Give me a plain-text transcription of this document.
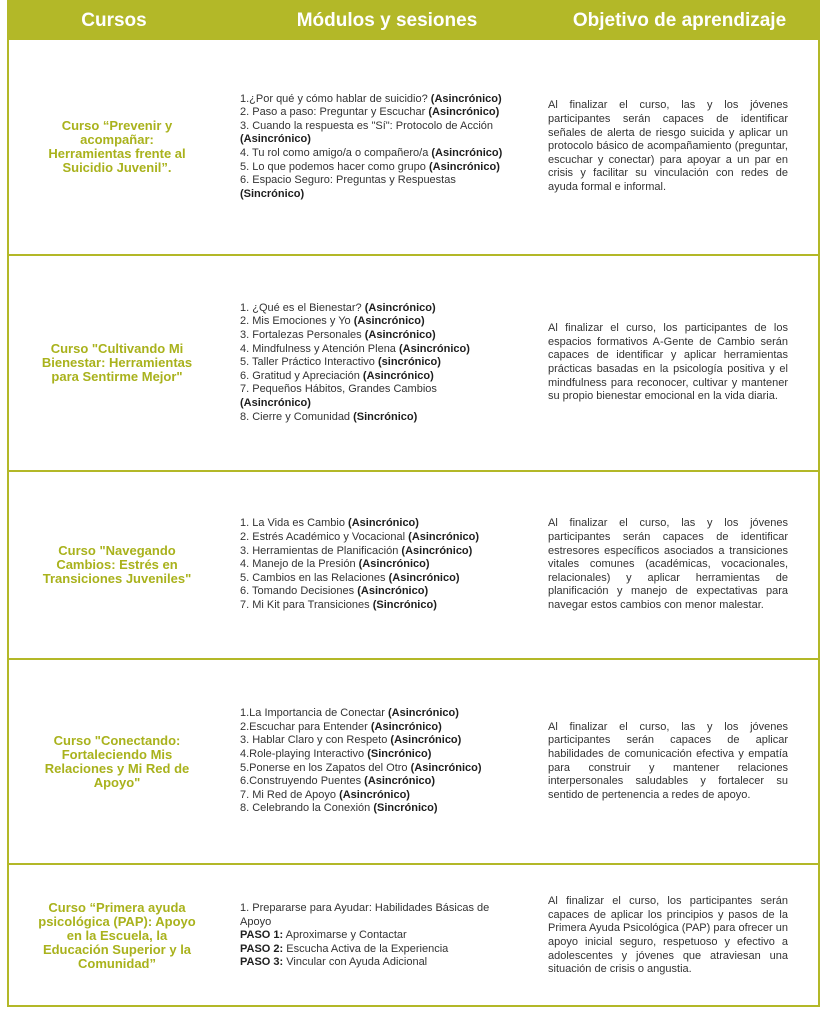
Cursos	Módulos y sesiones	Objetivo de aprendizaje
Curso “Prevenir y acompañar: Herramientas frente al Suicidio Juvenil”.
1.¿Por qué y cómo hablar de suicidio? (Asincrónico)
2. Paso a paso: Preguntar y Escuchar (Asincrónico)
3. Cuando la respuesta es "Sí": Protocolo de Acción (Asincrónico)
4. Tu rol como amigo/a o compañero/a (Asincrónico)
5. Lo que podemos hacer como grupo (Asincrónico)
6. Espacio Seguro: Preguntas y Respuestas (Sincrónico)

Al finalizar el curso, las y los jóvenes participantes serán capaces de identificar señales de alerta de riesgo suicida y aplicar un protocolo básico de acompañamiento (preguntar, escuchar y conectar) para apoyar a un par en crisis y facilitar su vinculación con redes de ayuda formal e informal.

Curso "Cultivando Mi Bienestar: Herramientas para Sentirme Mejor"
1. ¿Qué es el Bienestar? (Asincrónico)
2. Mis Emociones y Yo (Asincrónico)
3. Fortalezas Personales (Asincrónico)
4. Mindfulness y Atención Plena (Asincrónico)
5. Taller Práctico Interactivo (sincrónico)
6. Gratitud y Apreciación (Asincrónico)
7. Pequeños Hábitos, Grandes Cambios (Asincrónico)
8. Cierre y Comunidad (Sincrónico)

Al finalizar el curso, los participantes de los espacios formativos A-Gente de Cambio serán capaces de identificar y aplicar herramientas prácticas basadas en la psicología positiva y el mindfulness para reconocer, cultivar y mantener su propio bienestar emocional en la vida diaria.

Curso "Navegando Cambios: Estrés en Transiciones Juveniles"
1. La Vida es Cambio (Asincrónico)
2. Estrés Académico y Vocacional (Asincrónico)
3. Herramientas de Planificación (Asincrónico)
4. Manejo de la Presión (Asincrónico)
5. Cambios en las Relaciones (Asincrónico)
6. Tomando Decisiones (Asincrónico)
7. Mi Kit para Transiciones (Sincrónico)

Al finalizar el curso, las y los jóvenes participantes serán capaces de identificar estresores específicos asociados a transiciones vitales comunes (académicas, vocacionales, relacionales) y aplicar herramientas de planificación y manejo de expectativas para navegar estos cambios con menor malestar.

Curso "Conectando: Fortaleciendo Mis Relaciones y Mi Red de Apoyo"
1.La Importancia de Conectar (Asincrónico)
2.Escuchar para Entender (Asincrónico)
3. Hablar Claro y con Respeto (Asincrónico)
4.Role-playing Interactivo (Sincrónico)
5.Ponerse en los Zapatos del Otro (Asincrónico)
6.Construyendo Puentes (Asincrónico)
7. Mi Red de Apoyo (Asincrónico)
8. Celebrando la Conexión (Sincrónico)

Al finalizar el curso, las y los jóvenes participantes serán capaces de aplicar habilidades de comunicación efectiva y empatía para construir y mantener relaciones interpersonales saludables y fortalecer su sentido de pertenencia a redes de apoyo.

Curso “Primera ayuda psicológica (PAP): Apoyo en la Escuela, la Educación Superior y la Comunidad”
1. Prepararse para Ayudar: Habilidades Básicas de Apoyo
PASO 1: Aproximarse y Contactar
PASO 2: Escucha Activa de la Experiencia
PASO 3: Vincular con Ayuda Adicional

Al finalizar el curso, los participantes serán capaces de aplicar los principios y pasos de la Primera Ayuda Psicológica (PAP) para ofrecer un apoyo inicial seguro, respetuoso y efectivo a adolescentes y jóvenes que atraviesan una situación de crisis o angustia.
